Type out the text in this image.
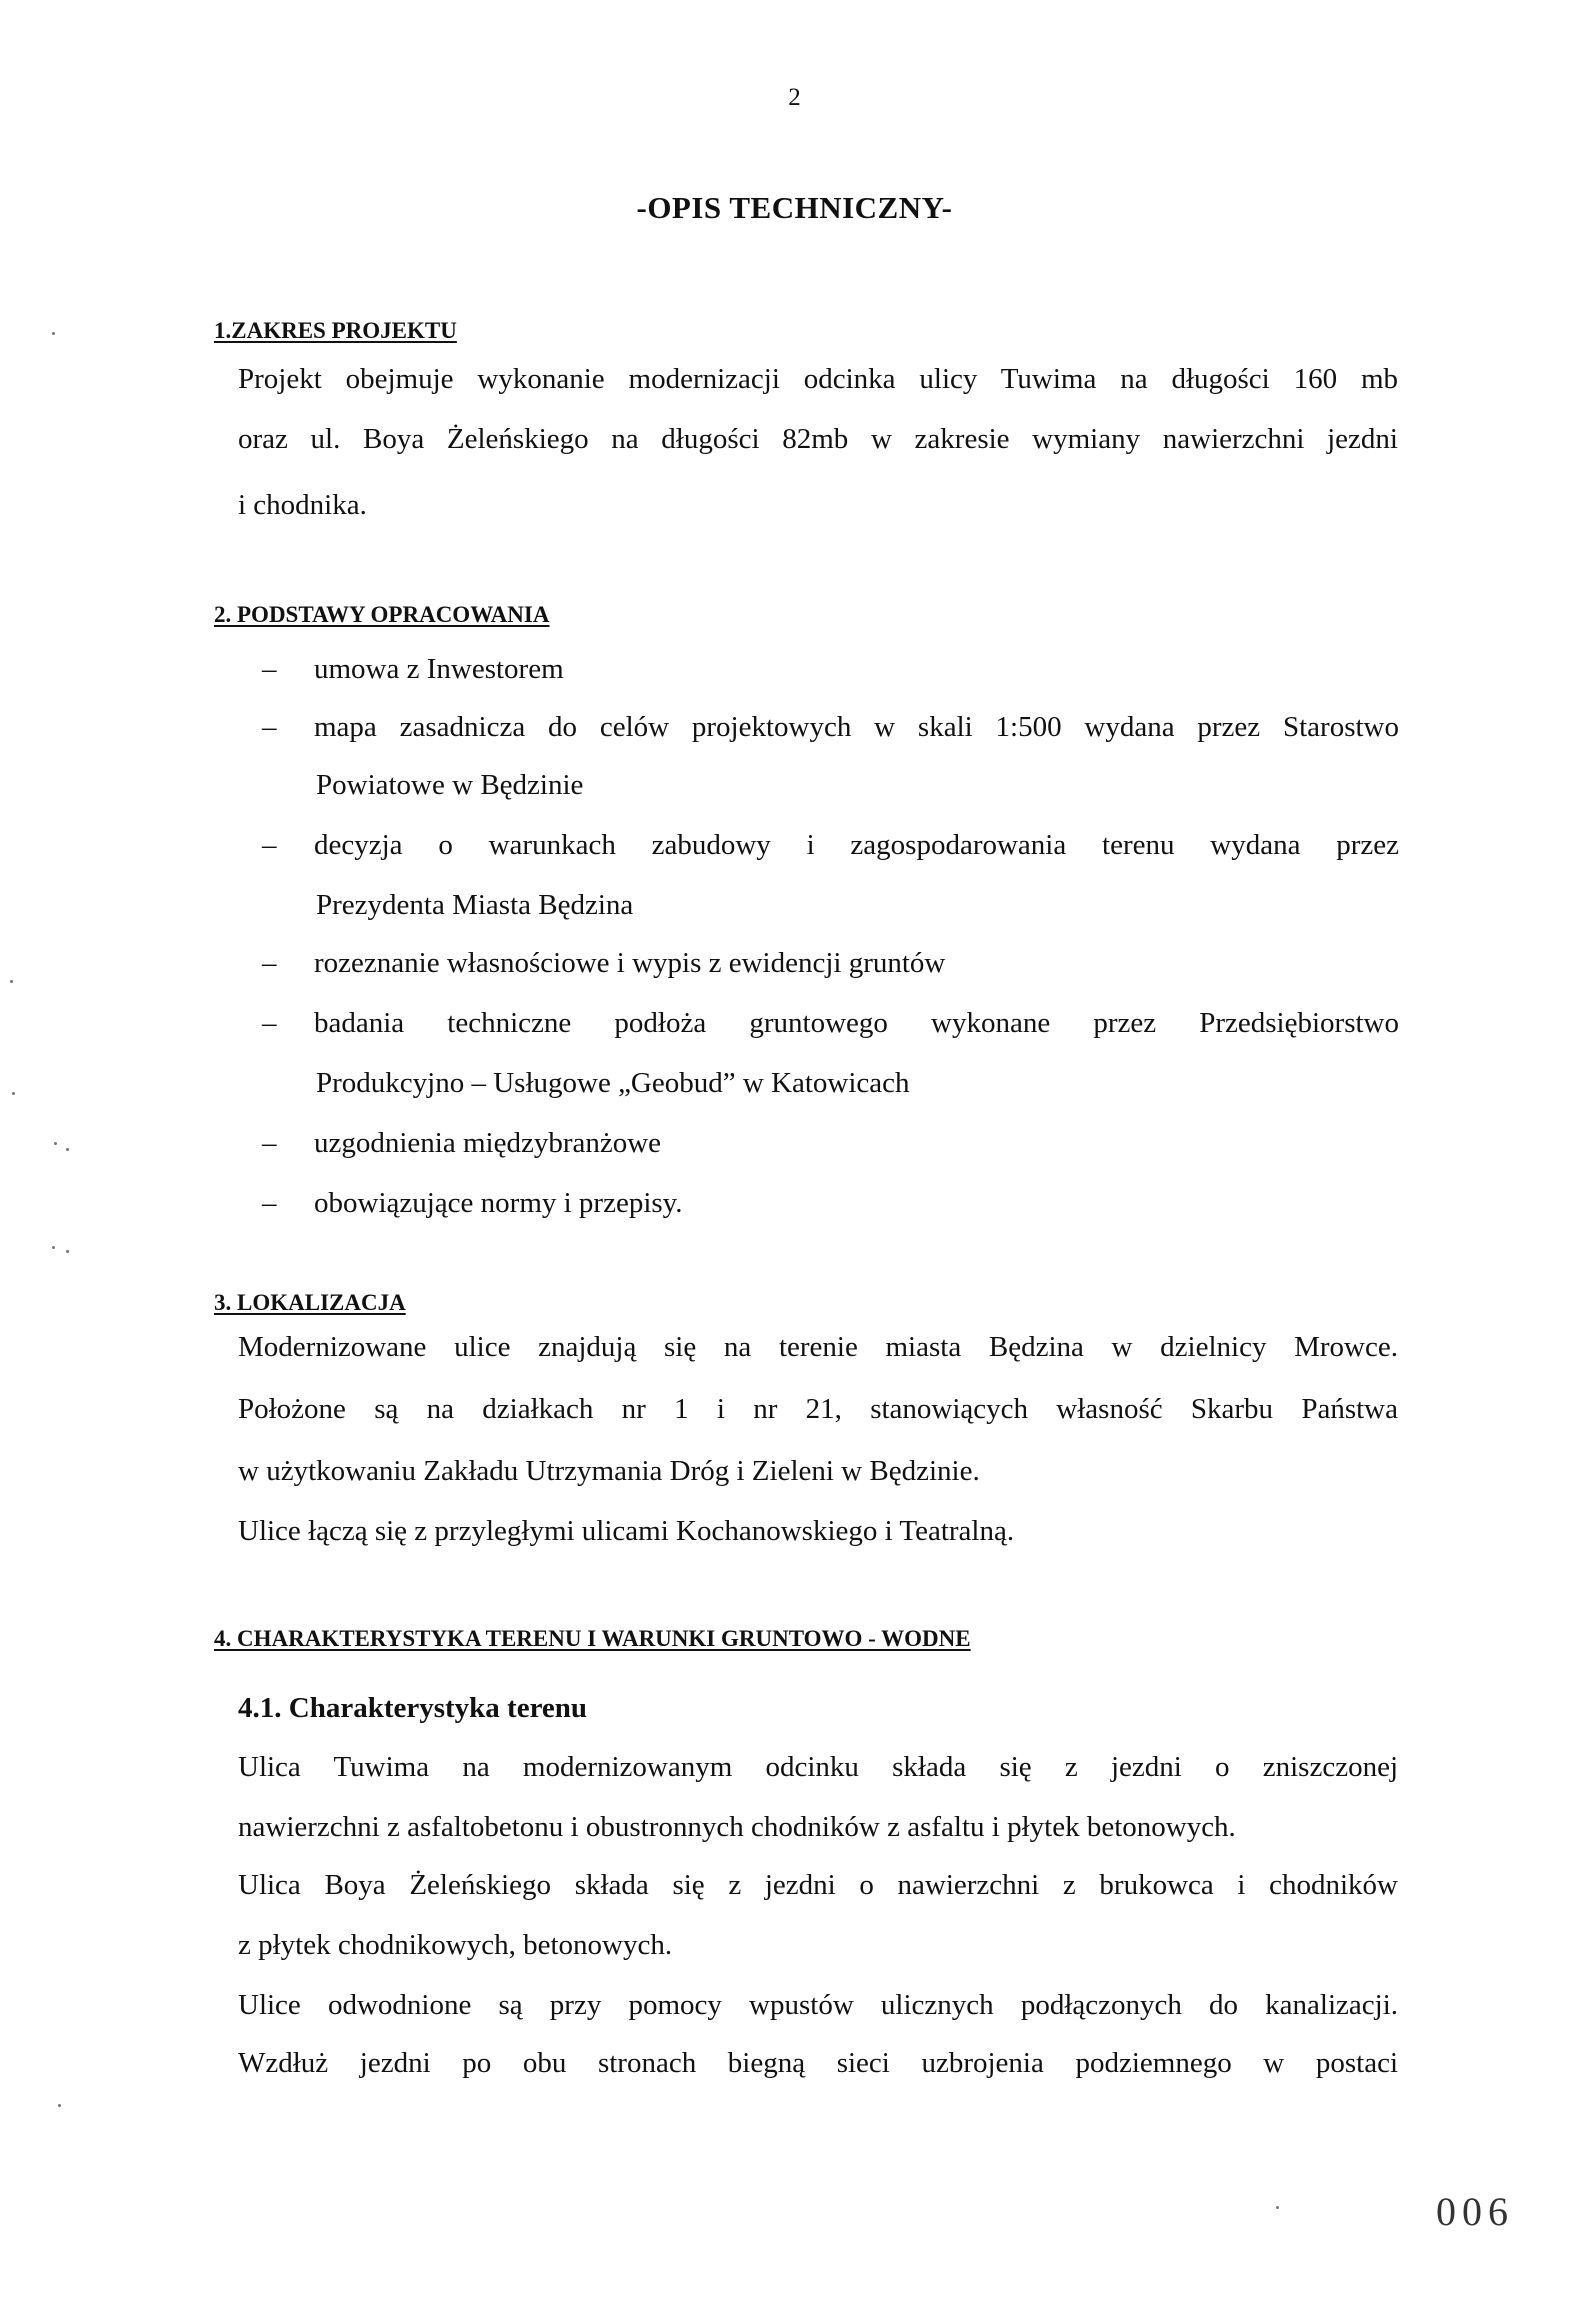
2
-OPIS TECHNICZNY-
1.ZAKRES PROJEKTU
Projekt obejmuje wykonanie modernizacji odcinka ulicy Tuwima na długości 160 mb
oraz ul. Boya Żeleńskiego na długości 82mb w zakresie wymiany nawierzchni jezdni
i chodnika.
2. PODSTAWY OPRACOWANIA
– umowa z Inwestorem
– mapa zasadnicza do celów projektowych w skali 1:500 wydana przez Starostwo
Powiatowe w Będzinie
– decyzja o warunkach zabudowy i zagospodarowania terenu wydana przez
Prezydenta Miasta Będzina
– rozeznanie własnościowe i wypis z ewidencji gruntów
– badania techniczne podłoża gruntowego wykonane przez Przedsiębiorstwo
Produkcyjno – Usługowe „Geobud” w Katowicach
– uzgodnienia międzybranżowe
– obowiązujące normy i przepisy.
3. LOKALIZACJA
Modernizowane ulice znajdują się na terenie miasta Będzina w dzielnicy Mrowce.
Położone są na działkach nr 1 i nr 21, stanowiących własność Skarbu Państwa
w użytkowaniu Zakładu Utrzymania Dróg i Zieleni w Będzinie.
Ulice łączą się z przyległymi ulicami Kochanowskiego i Teatralną.
4. CHARAKTERYSTYKA TERENU I WARUNKI GRUNTOWO - WODNE
4.1. Charakterystyka terenu
Ulica Tuwima na modernizowanym odcinku składa się z jezdni o zniszczonej
nawierzchni z asfaltobetonu i obustronnych chodników z asfaltu i płytek betonowych.
Ulica Boya Żeleńskiego składa się z jezdni o nawierzchni z brukowca i chodników
z płytek chodnikowych, betonowych.
Ulice odwodnione są przy pomocy wpustów ulicznych podłączonych do kanalizacji.
Wzdłuż jezdni po obu stronach biegną sieci uzbrojenia podziemnego w postaci
006
